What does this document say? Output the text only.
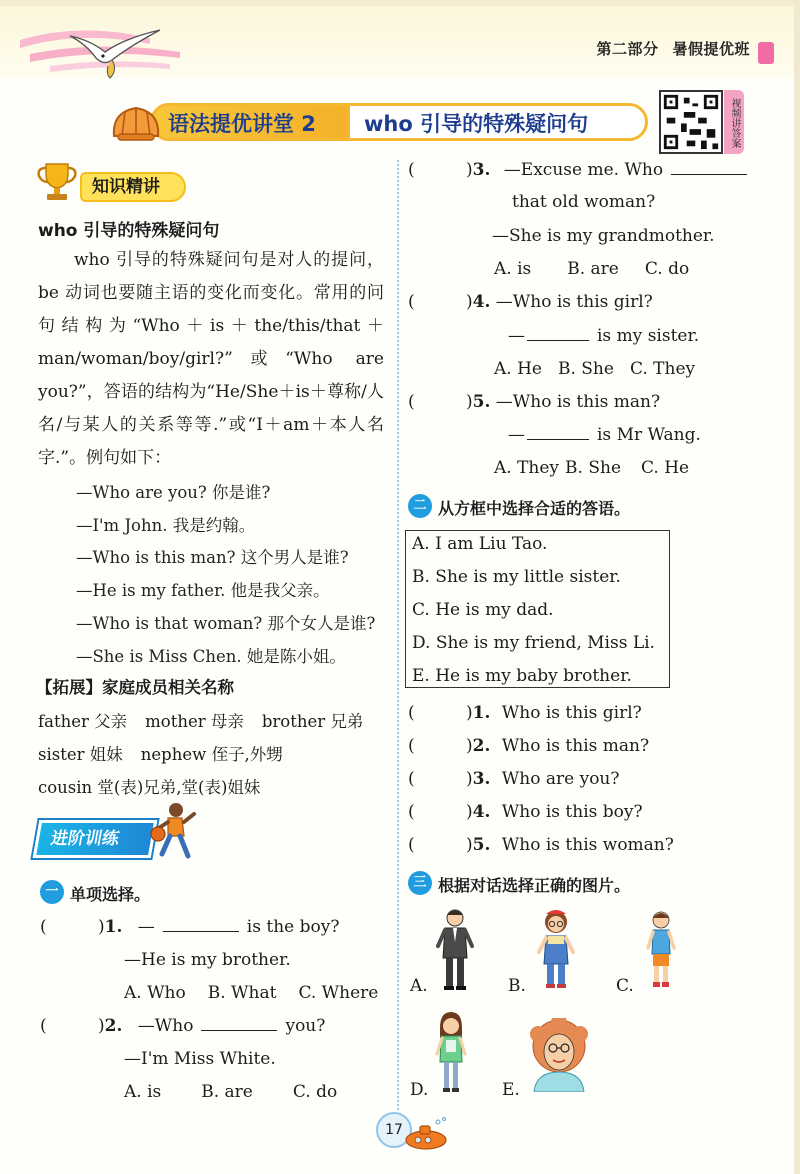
第二部分 暑假提优班
语法提优讲堂 2 who 引导的特殊疑问句	视频讲答案
知识精讲
who 引导的特殊疑问句
who 引导的特殊疑问句是对人的提问，be 动词也要随主语的变化而变化。常用的问句结构为“Who＋is＋the/this/that＋ man/woman/boy/girl?”或“Who are you?”，答语的结构为“He/She＋is＋尊称/人名/与某人的关系等等.”或“I＋am＋本人名字.”。例句如下：
—Who are you? 你是谁?
—I'm John. 我是约翰。
—Who is this man? 这个男人是谁?
—He is my father. 他是我父亲。
—Who is that woman? 那个女人是谁?
—She is Miss Chen. 她是陈小姐。
【拓展】家庭成员相关名称
father 父亲 mother 母亲 brother 兄弟
sister 姐妹 nephew 侄子,外甥
cousin 堂(表)兄弟,堂(表)姐妹
进阶训练
一 单项选择。
(	)1. —	is the boy?
—He is my brother.
A. Who B. What C. Where
(	)2. —Who	you?
—I'm Miss White.
A. is B. are C. do
(	)3. —Excuse me. Who
that old woman?
—She is my grandmother.
A. is B. are C. do
(	)4. —Who is this girl?
—	is my sister.
A. He B. She C. They
(	)5. —Who is this man?
—	is Mr Wang.
A. They B. She C. He
二 从方框中选择合适的答语。
A. I am Liu Tao.
B. She is my little sister.
C. He is my dad.
D. She is my friend, Miss Li.
E. He is my baby brother.
(	)1. Who is this girl?
(	)2. Who is this man?
(	)3. Who are you?
(	)4. Who is this boy?
(	)5. Who is this woman?
三 根据对话选择正确的图片。
A.	B.	C.
D.	E.
17
